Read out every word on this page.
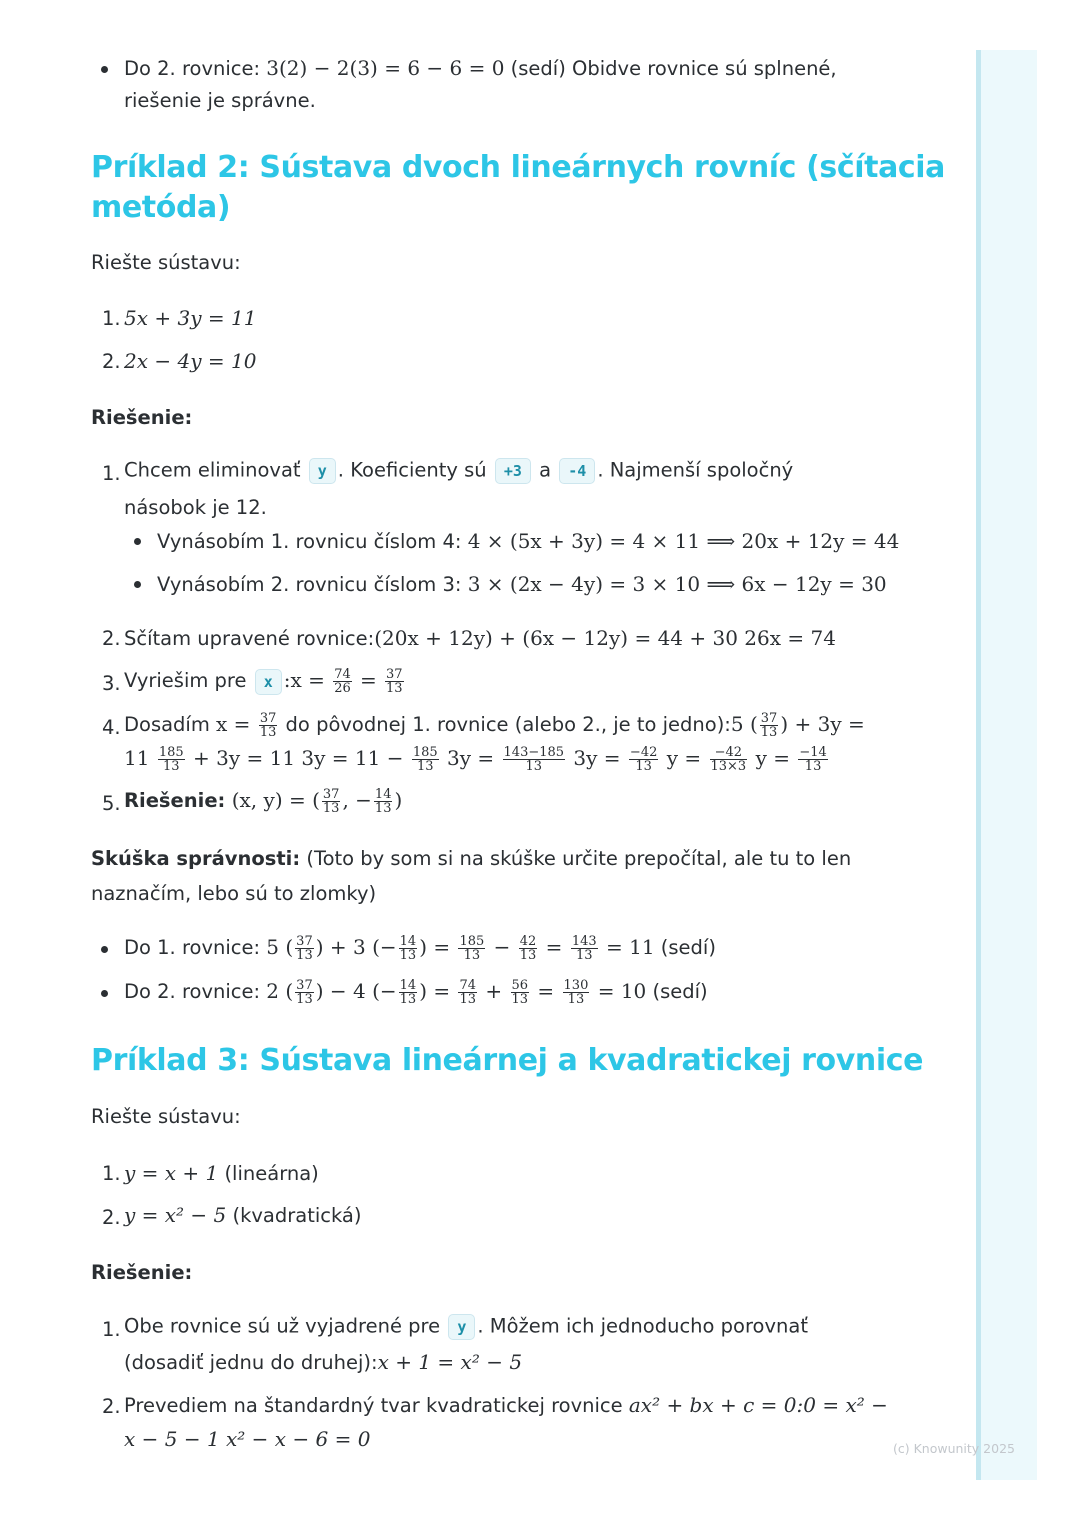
Do 2. rovnice: 3(2) − 2(3) = 6 − 6 = 0 (sedí) Obidve rovnice sú splnené,
riešenie je správne.
Príklad 2: Sústava dvoch lineárnych rovníc (sčítacia
metóda)
Riešte sústavu:
1. 5x + 3y = 11
2. 2x − 4y = 10
Riešenie:
1. Chcem eliminovať y . Koeficienty sú +3 a -4 . Najmenší spoločný
násobok je 12.
Vynásobím 1. rovnicu číslom 4: 4 × (5x + 3y) = 4 × 11 ⟹ 20x + 12y = 44
Vynásobím 2. rovnicu číslom 3: 3 × (2x − 4y) = 3 × 10 ⟹ 6x − 12y = 30
2. Sčítam upravené rovnice:(20x + 12y) + (6x − 12y) = 44 + 30 26x = 74
3. Vyriešim pre x :x = $\frac{74}{26} = \frac{37}{13}$
4. Dosadím $x = \frac{37}{13}$ do pôvodnej 1. rovnice (alebo 2., je to jedno):5 ( $\frac{37}{13}$ ) + 3y =
$11 \frac{185}{13} + 3y = 11$ $3y = 11 - \frac{185}{13} 3y = \frac{143-185}{13} 3y = \frac{-42}{13}$ $y = \frac{-42}{13\times 3}$ $y = \frac{-14}{13}$
5. Riešenie: (x, y) = ( $\frac{37}{13}$ , − $\frac{14}{13}$ )
Skúška správnosti: (Toto by som si na skúške určite prepočítal, ale tu to len
naznačím, lebo sú to zlomky)
Do 1. rovnice: 5 ( $\frac{37}{13}$ ) + 3 (− $\frac{14}{13}$ ) = $\frac{185}{13} - \frac{42}{13} = \frac{143}{13} = 11$ (sedí)
Do 2. rovnice: 2 ( $\frac{37}{13}$ ) − 4 (− $\frac{14}{13}$ ) = $\frac{74}{13} + \frac{56}{13} = \frac{130}{13} = 10$ (sedí)
Príklad 3: Sústava lineárnej a kvadratickej rovnice
Riešte sústavu:
1. y = x + 1 (lineárna)
2. y = x² − 5 (kvadratická)
Riešenie:
1. Obe rovnice sú už vyjadrené pre y . Môžem ich jednoducho porovnať
(dosadiť jednu do druhej):x + 1 = x² − 5
2. Prevediem na štandardný tvar kvadratickej rovnice ax² + bx + c = 0:0 = x² −
x − 5 − 1 x² − x − 6 = 0	(c) Knowunity 2025
